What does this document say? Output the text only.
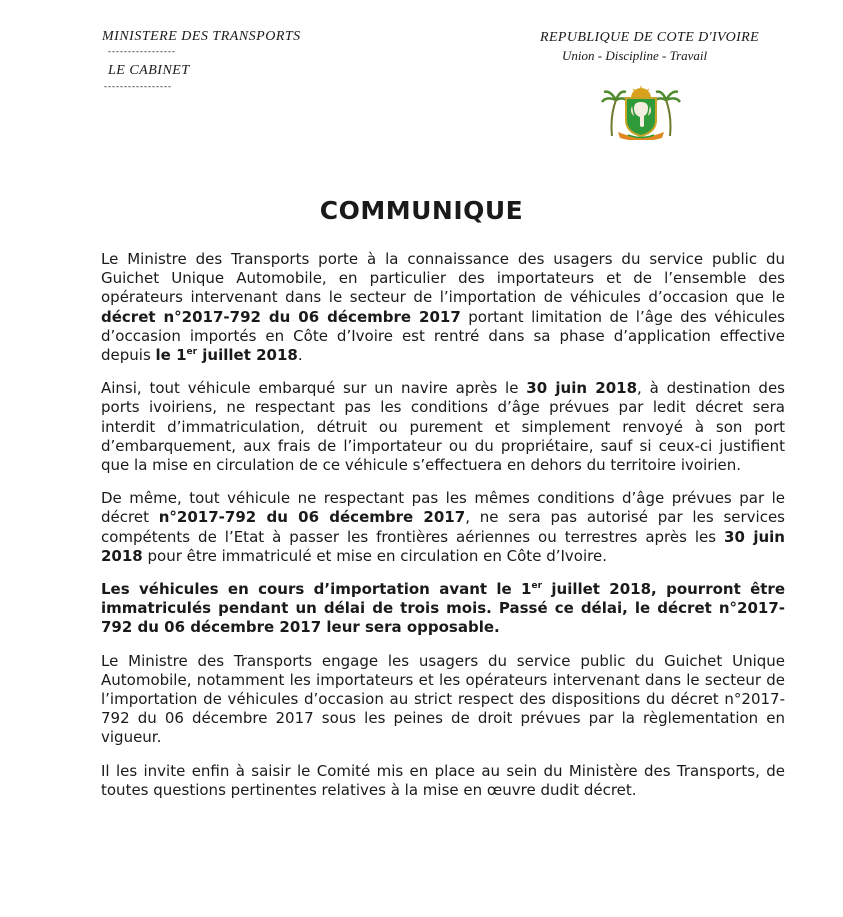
MINISTERE DES TRANSPORTS
-----------------
LE CABINET
-----------------
REPUBLIQUE DE COTE D'IVOIRE
Union - Discipline - Travail
COMMUNIQUE

Le Ministre des Transports porte à la connaissance des usagers du service public du Guichet Unique Automobile, en particulier des importateurs et de l’ensemble des opérateurs intervenant dans le secteur de l’importation de véhicules d’occasion que le décret n°2017-792 du 06 décembre 2017 portant limitation de l’âge des véhicules d’occasion importés en Côte d’Ivoire est rentré dans sa phase d’application effective depuis le 1er juillet 2018.

Ainsi, tout véhicule embarqué sur un navire après le 30 juin 2018, à destination des ports ivoiriens, ne respectant pas les conditions d’âge prévues par ledit décret sera interdit d’immatriculation, détruit ou purement et simplement renvoyé à son port d’embarquement, aux frais de l’importateur ou du propriétaire, sauf si ceux-ci justifient que la mise en circulation de ce véhicule s’effectuera en dehors du territoire ivoirien.

De même, tout véhicule ne respectant pas les mêmes conditions d’âge prévues par le décret n°2017-792 du 06 décembre 2017, ne sera pas autorisé par les services compétents de l’Etat à passer les frontières aériennes ou terrestres après les 30 juin 2018 pour être immatriculé et mise en circulation en Côte d’Ivoire.

Les véhicules en cours d’importation avant le 1er juillet 2018, pourront être immatriculés pendant un délai de trois mois. Passé ce délai, le décret n°2017-792 du 06 décembre 2017 leur sera opposable.

Le Ministre des Transports engage les usagers du service public du Guichet Unique Automobile, notamment les importateurs et les opérateurs intervenant dans le secteur de l’importation de véhicules d’occasion au strict respect des dispositions du décret n°2017-792 du 06 décembre 2017 sous les peines de droit prévues par la règlementation en vigueur.

Il les invite enfin à saisir le Comité mis en place au sein du Ministère des Transports, de toutes questions pertinentes relatives à la mise en œuvre dudit décret.
